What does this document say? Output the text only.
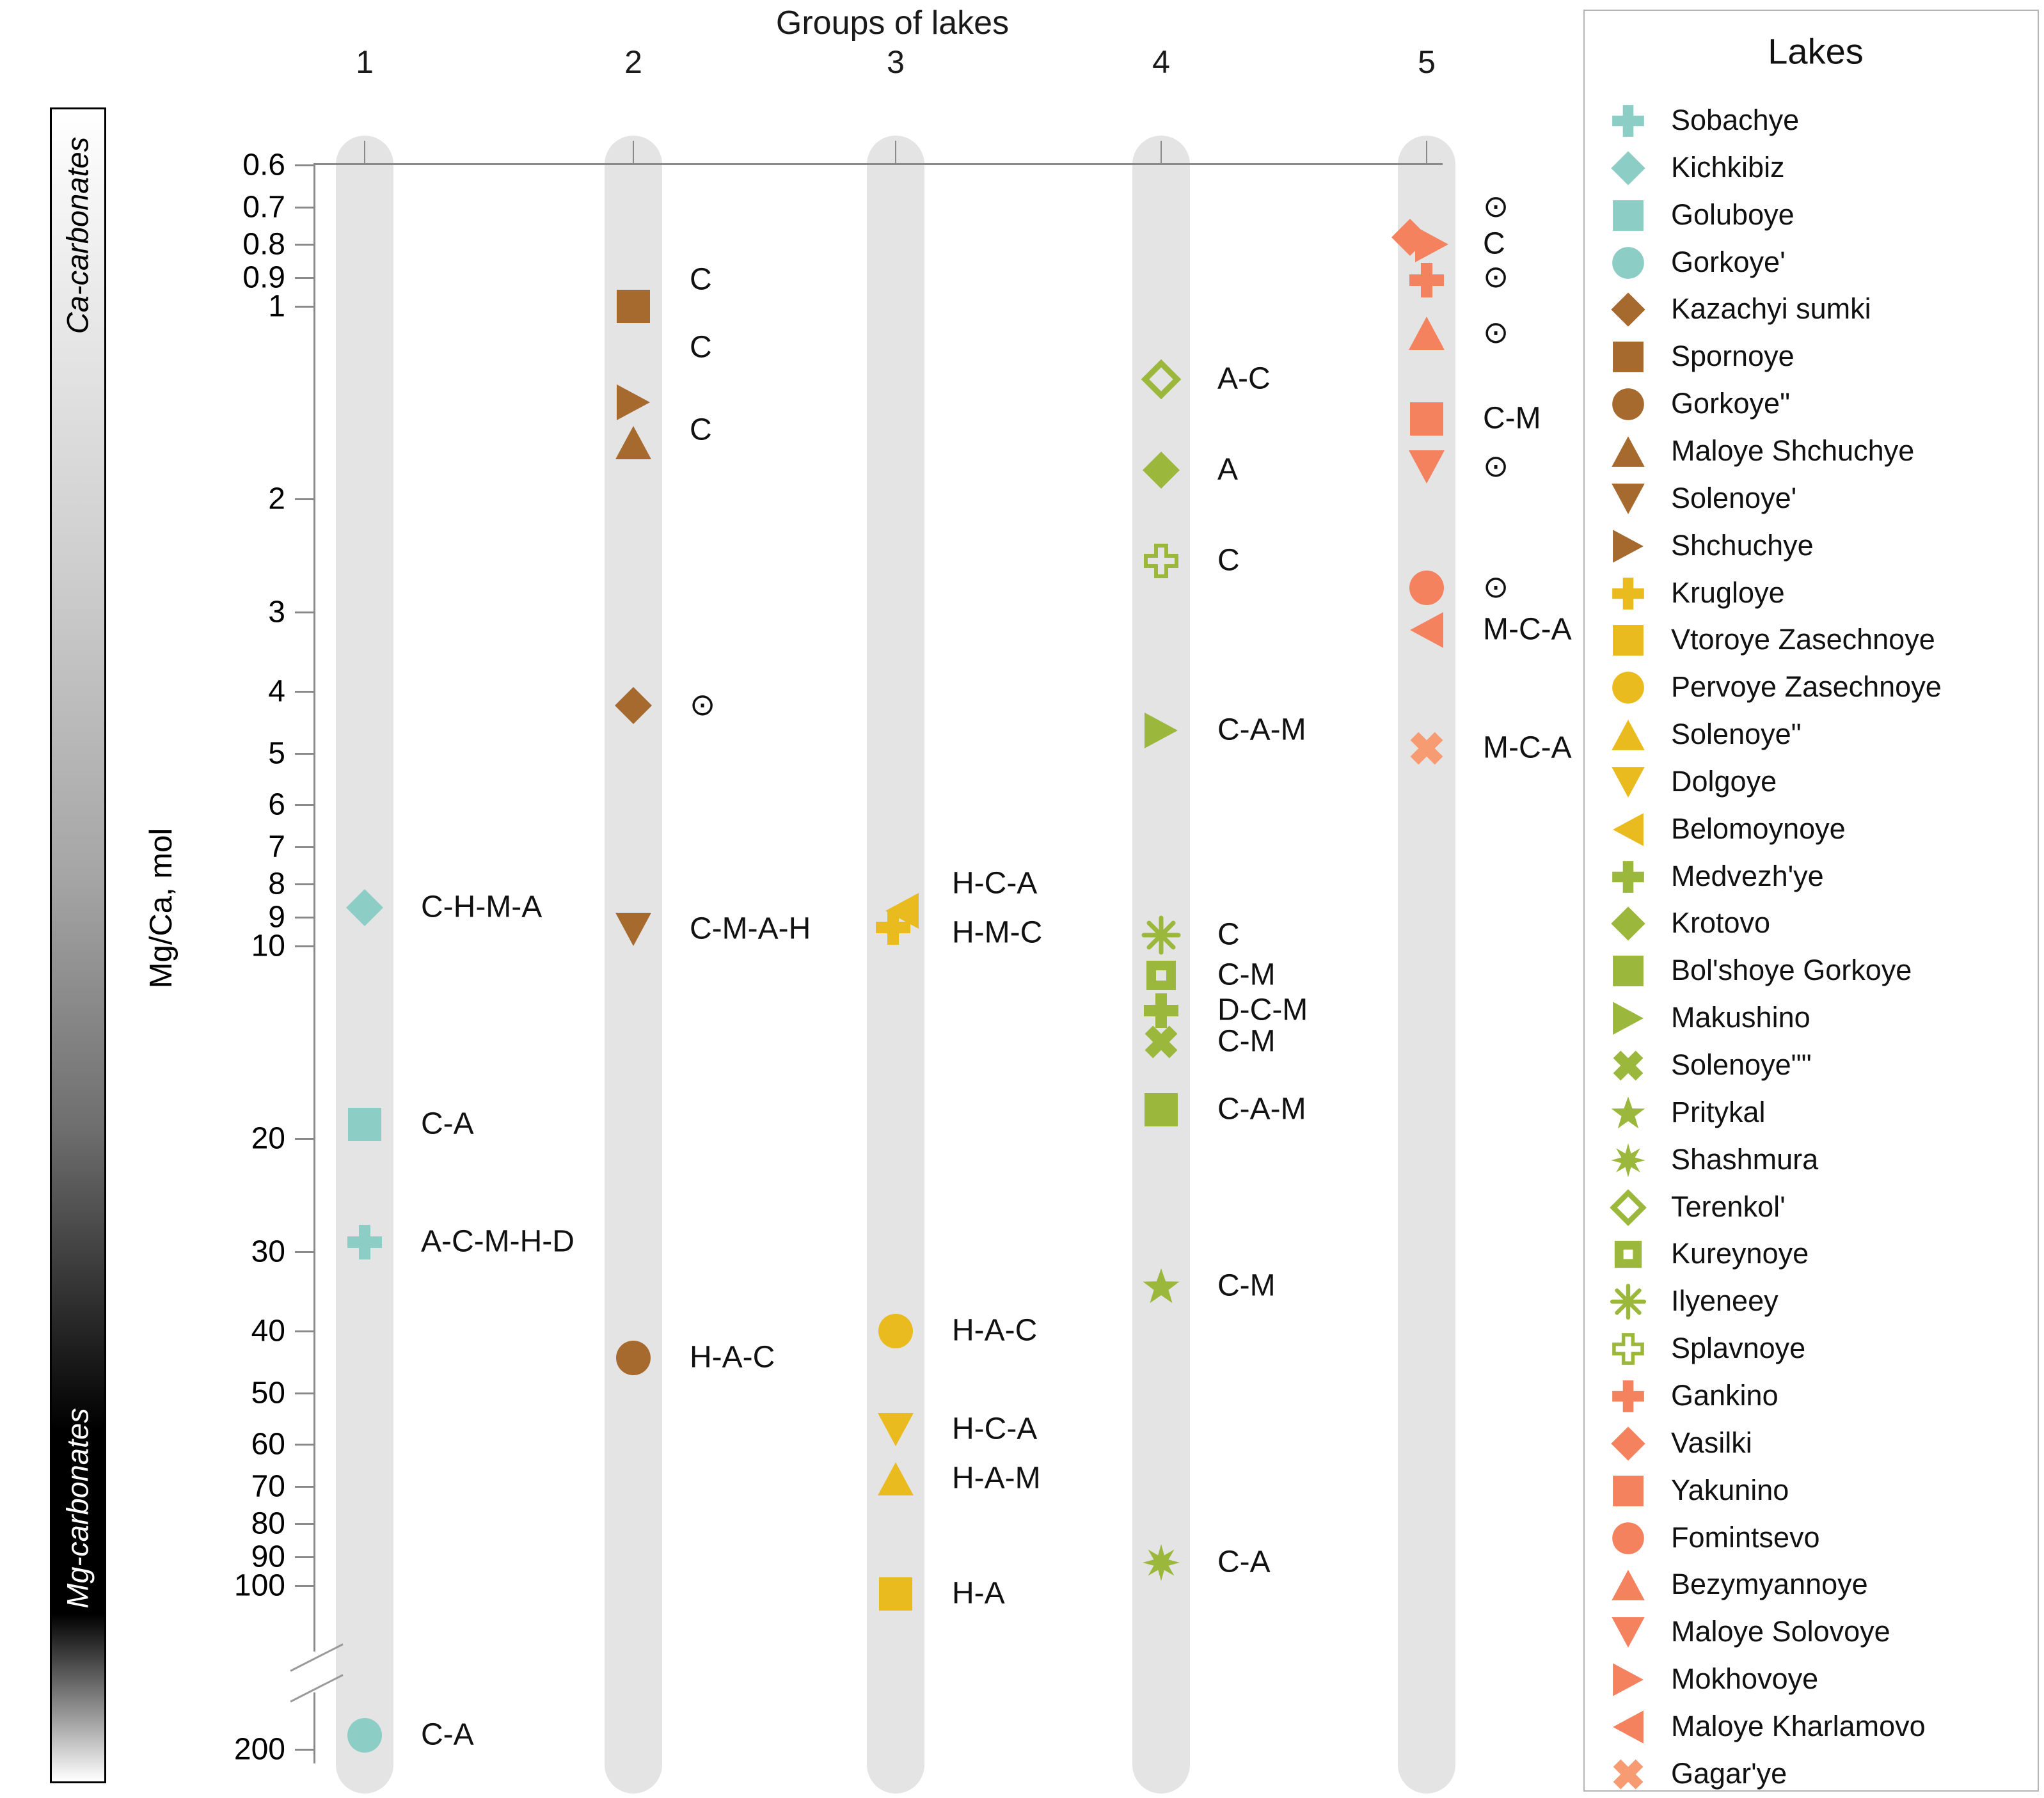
Ca-carbonates
Mg-carbonates
Groups of lakes
Mg/Ca, mol
1	2	3	4	5
0.6
0.7
0.8
0.9
1
2
3
4
5
6
7
8
9
10
20
30
40
50
60
70
80
90
100
200
C-H-M-A
C-A
A-C-M-H-D
C-A
C
C
C
⊙
C-M-A-H
H-A-C
H-M-C
H-C-A
H-A-C
H-C-A
H-A-M
H-A
A-C
A
C
C-A-M
C
C-M
D-C-M
C-M
C-A-M
C-M
C-A
⊙
C
⊙
⊙
C-M
⊙
⊙
M-C-A
M-C-A
Lakes
Sobachye
Kichkibiz
Goluboye
Gorkoye'
Kazachyi sumki
Spornoye
Gorkoye"
Maloye Shchuchye
Solenoye'
Shchuchye
Krugloye
Vtoroye Zasechnoye
Pervoye Zasechnoye
Solenoye"
Dolgoye
Belomoynoye
Medvezh'ye
Krotovo
Bol'shoye Gorkoye
Makushino
Solenoye""
Pritykal
Shashmura
Terenkol'
Kureynoye
Ilyeneey
Splavnoye
Gankino
Vasilki
Yakunino
Fomintsevo
Bezymyannoye
Maloye Solovoye
Mokhovoye
Maloye Kharlamovo
Gagar'ye
